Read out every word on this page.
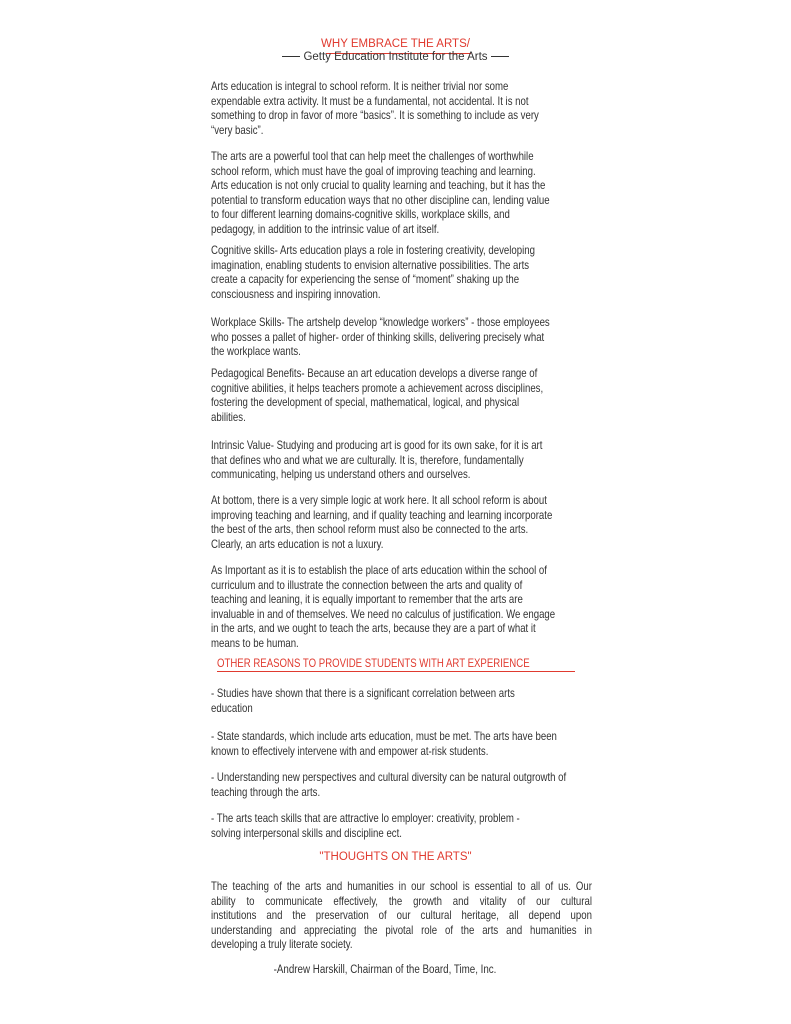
WHY EMBRACE THE ARTS/
Getty Education Institute for the Arts
Arts education is integral to school reform. It is neither trivial nor some
expendable extra activity. It must be a fundamental, not accidental. It is not
something to drop in favor of more “basics”. It is something to include as very
“very basic”.
The arts are a powerful tool that can help meet the challenges of worthwhile
school reform, which must have the goal of improving teaching and learning.
Arts education is not only crucial to quality learning and teaching, but it has the
potential to transform education ways that no other discipline can, lending value
to four different learning domains-cognitive skills, workplace skills, and
pedagogy, in addition to the intrinsic value of art itself.
Cognitive skills- Arts education plays a role in fostering creativity, developing
imagination, enabling students to envision alternative possibilities. The arts
create a capacity for experiencing the sense of “moment” shaking up the
consciousness and inspiring innovation.
Workplace Skills- The artshelp develop “knowledge workers” - those employees
who posses a pallet of higher- order of thinking skills, delivering precisely what
the workplace wants.
Pedagogical Benefits- Because an art education develops a diverse range of
cognitive abilities, it helps teachers promote a achievement across disciplines,
fostering the development of special, mathematical, logical, and physical
abilities.
Intrinsic Value- Studying and producing art is good for its own sake, for it is art
that defines who and what we are culturally. It is, therefore, fundamentally
communicating, helping us understand others and ourselves.
At bottom, there is a very simple logic at work here. It all school reform is about
improving teaching and learning, and if quality teaching and learning incorporate
the best of the arts, then school reform must also be connected to the arts.
Clearly, an arts education is not a luxury.
As Important as it is to establish the place of arts education within the school of
curriculum and to illustrate the connection between the arts and quality of
teaching and leaning, it is equally important to remember that the arts are
invaluable in and of themselves. We need no calculus of justification. We engage
in the arts, and we ought to teach the arts, because they are a part of what it
means to be human.
OTHER REASONS TO PROVIDE STUDENTS WITH ART EXPERIENCE
- Studies have shown that there is a significant correlation between arts
education
- State standards, which include arts education, must be met. The arts have been
known to effectively intervene with and empower at-risk students.
- Understanding new perspectives and cultural diversity can be natural outgrowth of
teaching through the arts.
- The arts teach skills that are attractive lo employer: creativity, problem -
solving interpersonal skills and discipline ect.
"THOUGHTS ON THE ARTS"
The teaching of the arts and humanities in our school is essential to all of us. Our
ability to communicate effectively, the growth and vitality of our cultural
institutions and the preservation of our cultural heritage, all depend upon
understanding and appreciating the pivotal role of the arts and humanities in
developing a truly literate society.
-Andrew Harskill, Chairman of the Board, Time, Inc.
